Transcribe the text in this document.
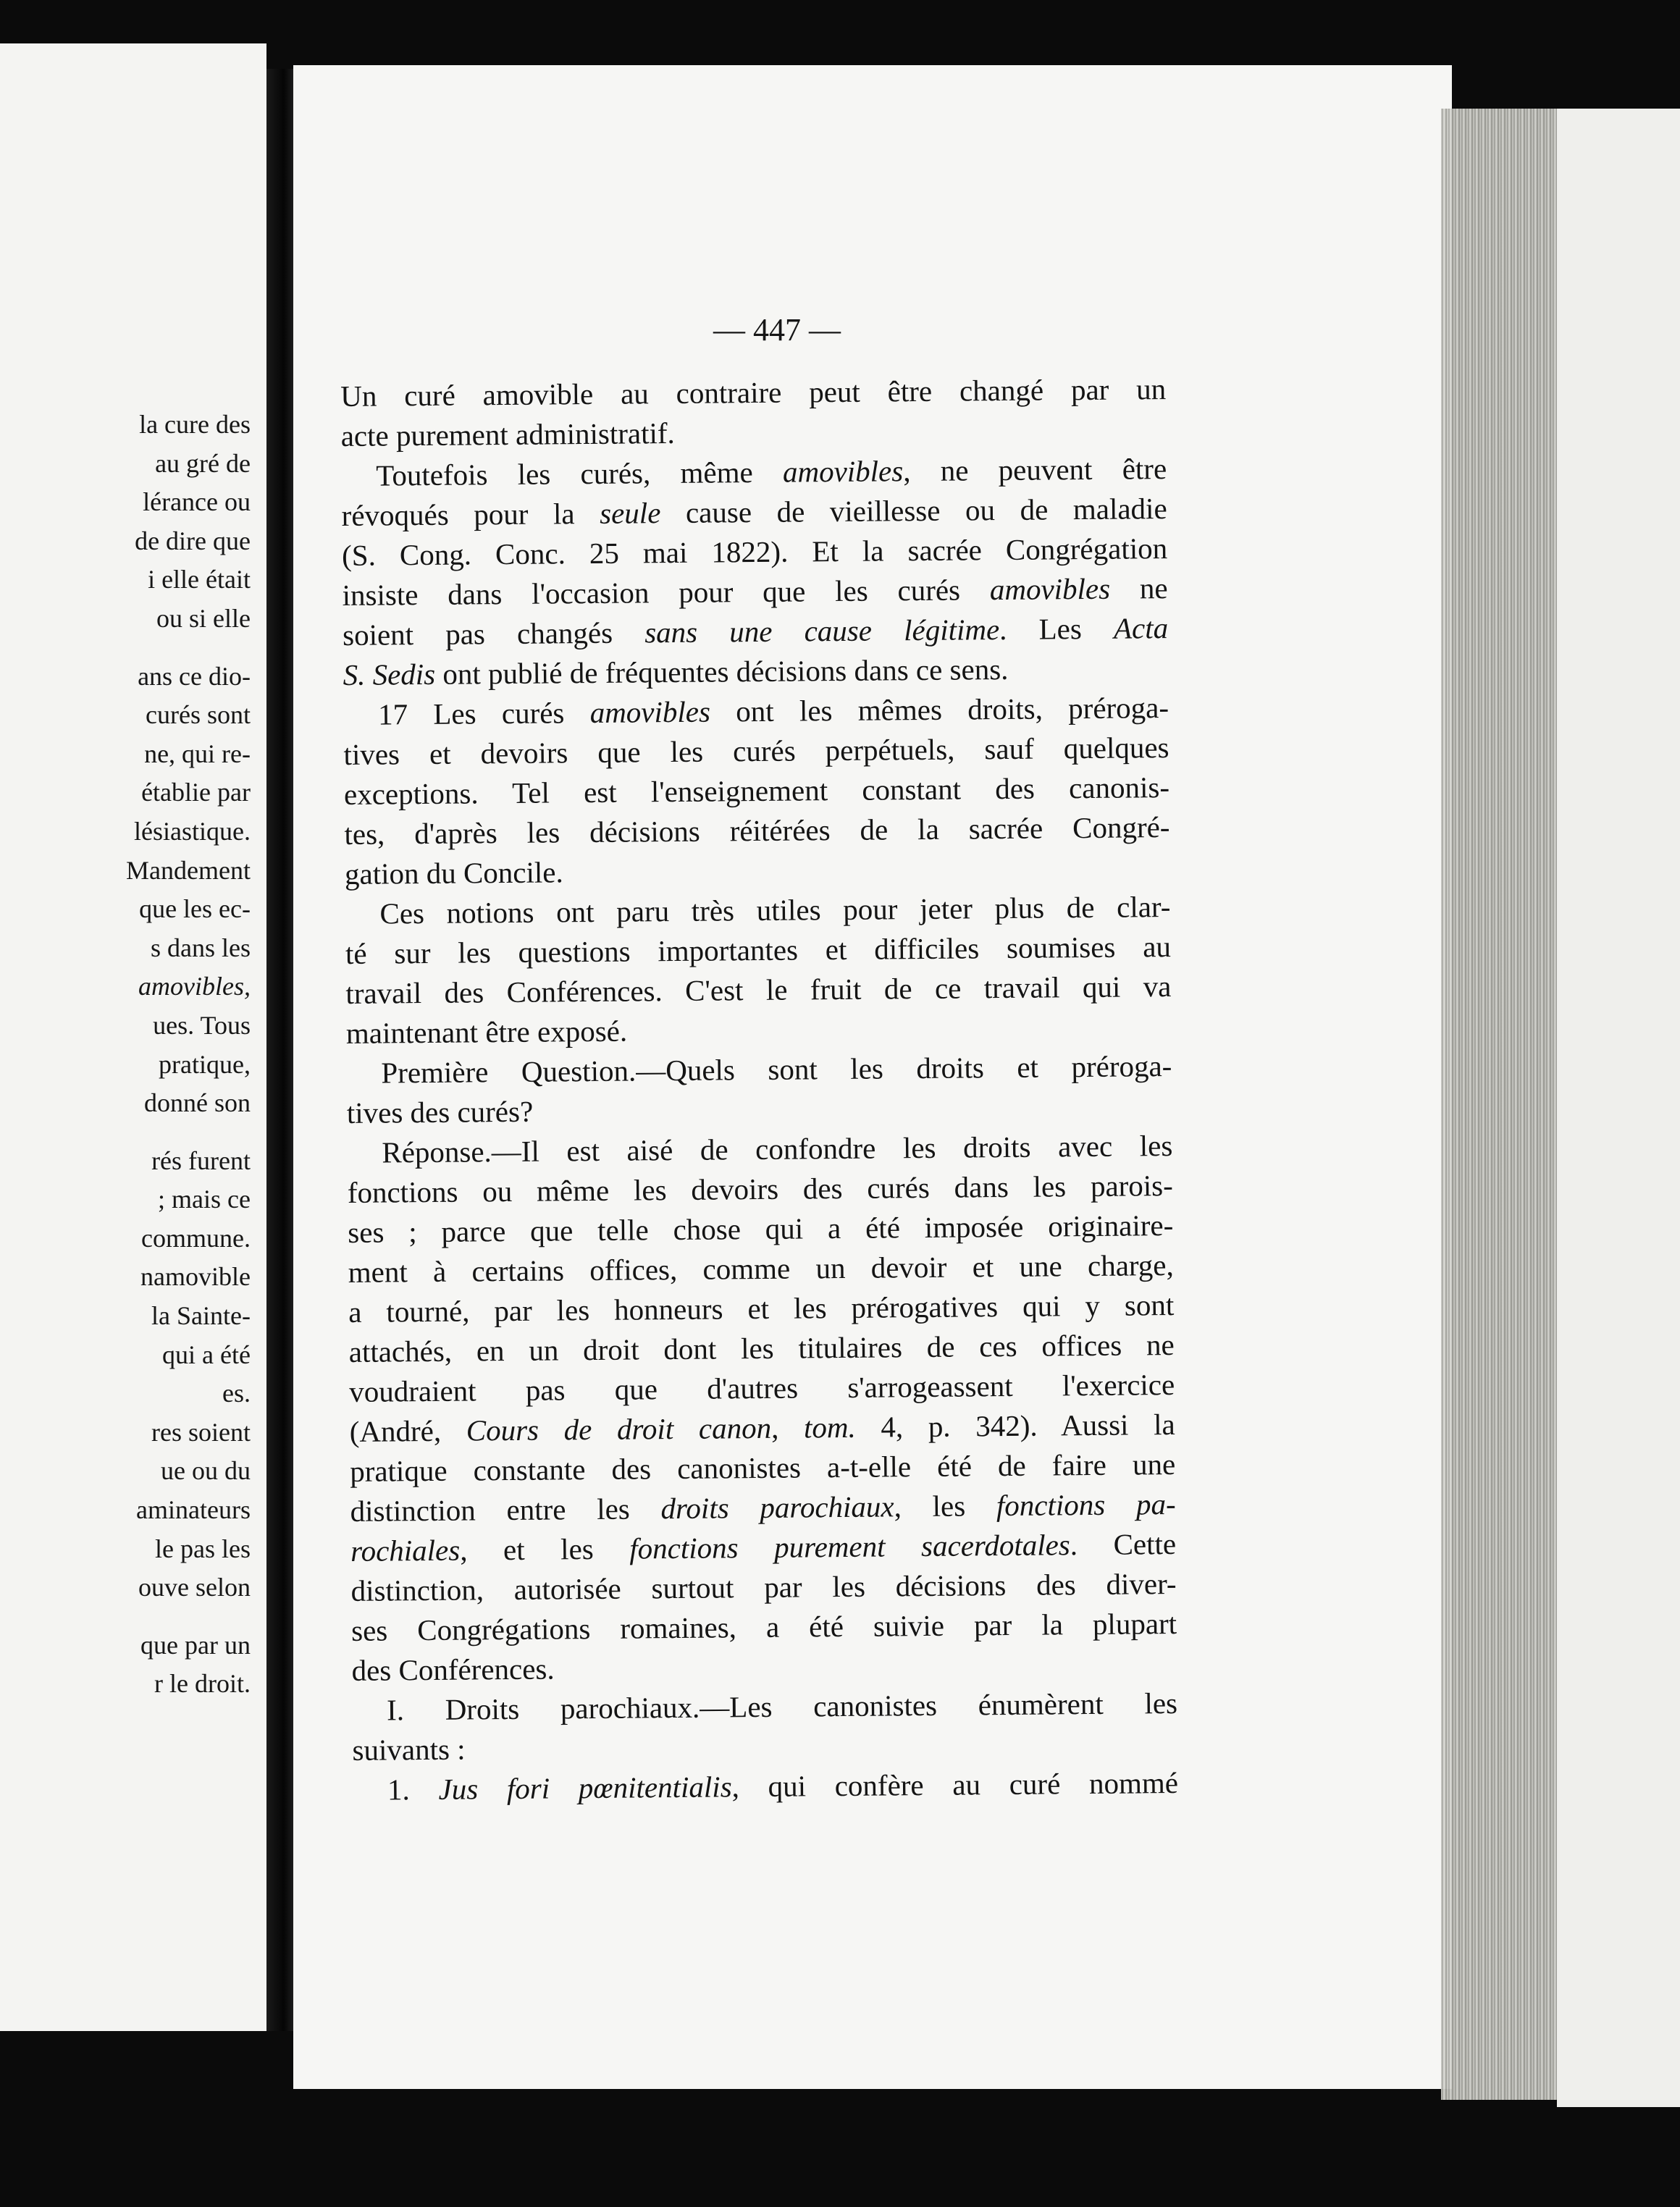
la cure des
au gré de
lérance ou
de dire que
i elle était
ou si elle
ans ce dio-
curés sont
ne, qui re-
établie par
lésiastique.
Mandement
que les ec-
s dans les
amovibles,
ues. Tous
pratique,
donné son
rés furent
; mais ce
commune.
namovible
la Sainte-
qui a été
es.
res soient
ue ou du
aminateurs
le pas les
ouve selon
que par un
r le droit.
— 447 —
Un curé amovible au contraire peut être changé par un
acte purement administratif.
Toutefois les curés, même amovibles, ne peuvent être
révoqués pour la seule cause de vieillesse ou de maladie
(S. Cong. Conc. 25 mai 1822). Et la sacrée Congrégation
insiste dans l'occasion pour que les curés amovibles ne
soient pas changés sans une cause légitime. Les Acta
S. Sedis ont publié de fréquentes décisions dans ce sens.
17 Les curés amovibles ont les mêmes droits, préroga-
tives et devoirs que les curés perpétuels, sauf quelques
exceptions. Tel est l'enseignement constant des canonis-
tes, d'après les décisions réitérées de la sacrée Congré-
gation du Concile.
Ces notions ont paru très utiles pour jeter plus de clar-
té sur les questions importantes et difficiles soumises au
travail des Conférences. C'est le fruit de ce travail qui va
maintenant être exposé.
Première Question.—Quels sont les droits et préroga-
tives des curés?
Réponse.—Il est aisé de confondre les droits avec les
fonctions ou même les devoirs des curés dans les parois-
ses ; parce que telle chose qui a été imposée originaire-
ment à certains offices, comme un devoir et une charge,
a tourné, par les honneurs et les prérogatives qui y sont
attachés, en un droit dont les titulaires de ces offices ne
voudraient pas que d'autres s'arrogeassent l'exercice
(André, Cours de droit canon, tom. 4, p. 342). Aussi la
pratique constante des canonistes a-t-elle été de faire une
distinction entre les droits parochiaux, les fonctions pa-
rochiales, et les fonctions purement sacerdotales. Cette
distinction, autorisée surtout par les décisions des diver-
ses Congrégations romaines, a été suivie par la plupart
des Conférences.
I. Droits parochiaux.—Les canonistes énumèrent les
suivants :
1. Jus fori pœnitentialis, qui confère au curé nommé
